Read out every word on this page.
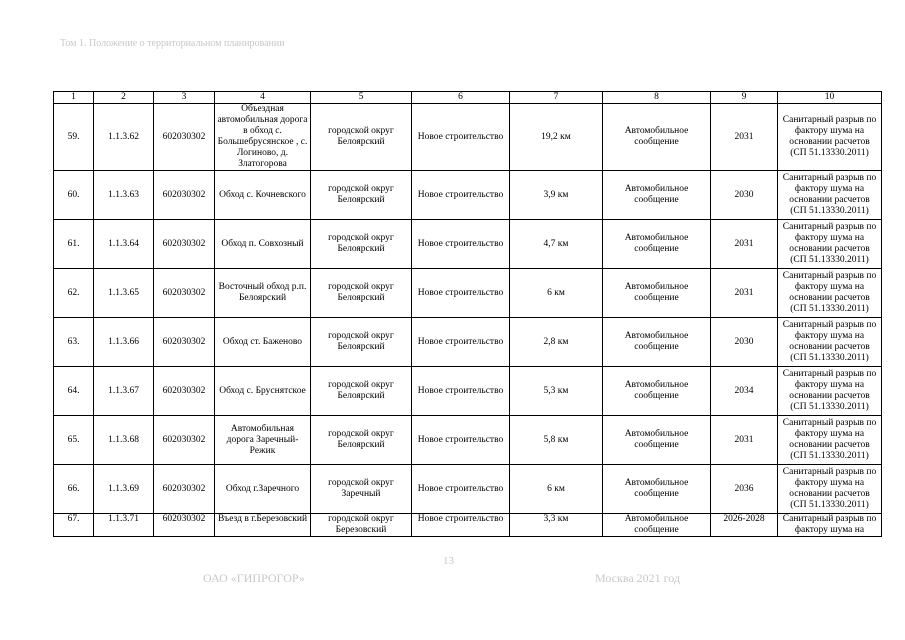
Том 1. Положение о территориальном планировании
1	2	3	4	5	6	7	8	9	10
59.	1.1.3.62	602030302	Объездная автомобильная дорога в обход с. Большебрусянское , с. Логиново, д. Златогорова	городской округ Белоярский	Новое строительство	19,2 км	Автомобильное сообщение	2031	Санитарный разрыв по фактору шума на основании расчетов (СП 51.13330.2011)
60.	1.1.3.63	602030302	Обход с. Кочневского	городской округ Белоярский	Новое строительство	3,9 км	Автомобильное сообщение	2030	Санитарный разрыв по фактору шума на основании расчетов (СП 51.13330.2011)
61.	1.1.3.64	602030302	Обход п. Совхозный	городской округ Белоярский	Новое строительство	4,7 км	Автомобильное сообщение	2031	Санитарный разрыв по фактору шума на основании расчетов (СП 51.13330.2011)
62.	1.1.3.65	602030302	Восточный обход р.п. Белоярский	городской округ Белоярский	Новое строительство	6 км	Автомобильное сообщение	2031	Санитарный разрыв по фактору шума на основании расчетов (СП 51.13330.2011)
63.	1.1.3.66	602030302	Обход ст. Баженово	городской округ Белоярский	Новое строительство	2,8 км	Автомобильное сообщение	2030	Санитарный разрыв по фактору шума на основании расчетов (СП 51.13330.2011)
64.	1.1.3.67	602030302	Обход с. Бруснятское	городской округ Белоярский	Новое строительство	5,3 км	Автомобильное сообщение	2034	Санитарный разрыв по фактору шума на основании расчетов (СП 51.13330.2011)
65.	1.1.3.68	602030302	Автомобильная дорога Заречный-Режик	городской округ Белоярский	Новое строительство	5,8 км	Автомобильное сообщение	2031	Санитарный разрыв по фактору шума на основании расчетов (СП 51.13330.2011)
66.	1.1.3.69	602030302	Обход г.Заречного	городской округ Заречный	Новое строительство	6 км	Автомобильное сообщение	2036	Санитарный разрыв по фактору шума на основании расчетов (СП 51.13330.2011)
67.	1.1.3.71	602030302	Въезд в г.Березовский	городской округ Березовский	Новое строительство	3,3 км	Автомобильное сообщение	2026-2028	Санитарный разрыв по фактору шума на
13
ОАО «ГИПРОГОР»	Москва 2021 год
